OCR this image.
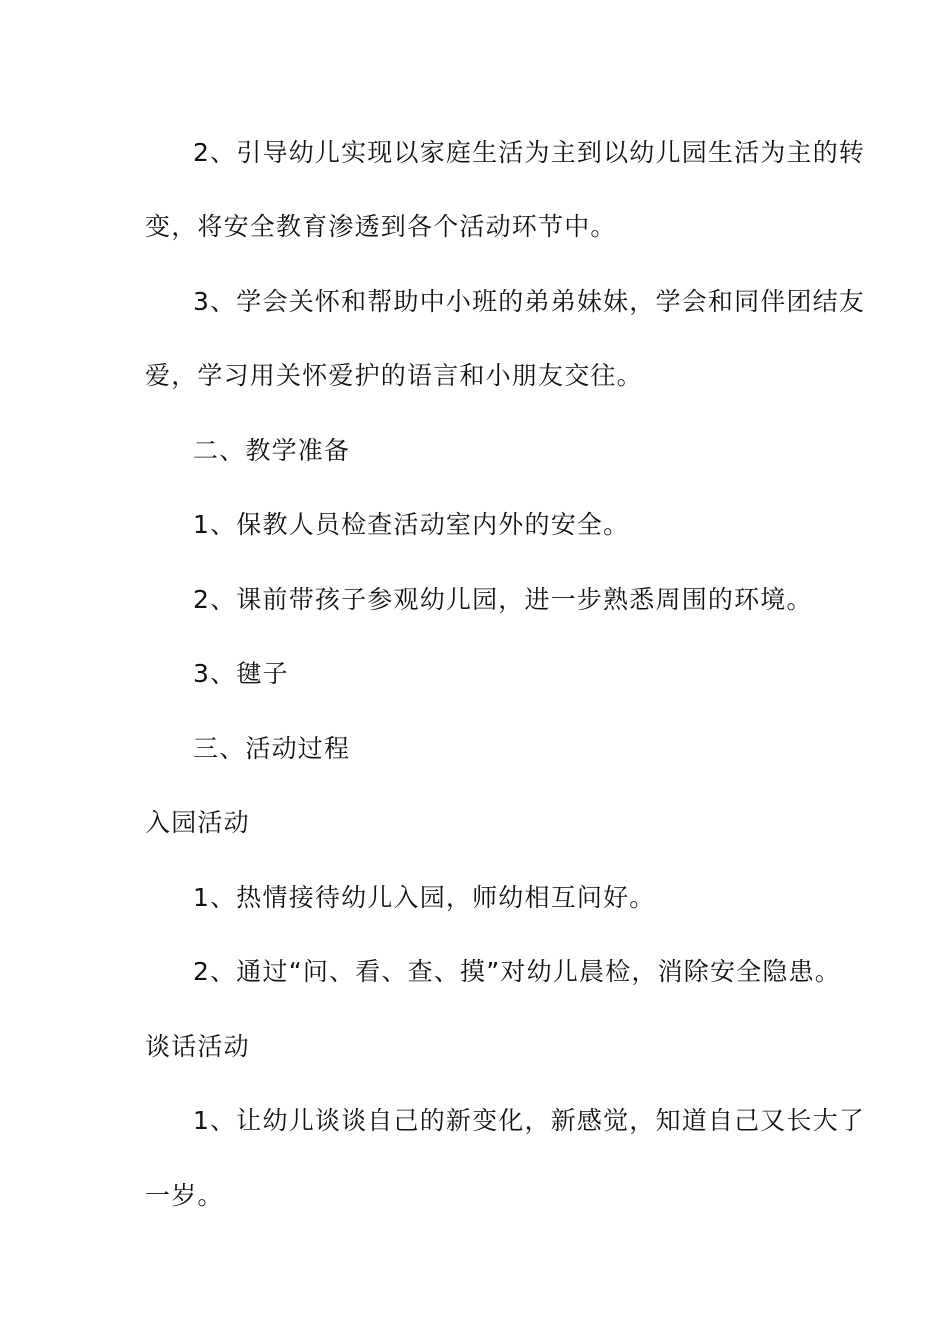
2、引导幼儿实现以家庭生活为主到以幼儿园生活为主的转
变，将安全教育渗透到各个活动环节中。
3、学会关怀和帮助中小班的弟弟妹妹，学会和同伴团结友
爱，学习用关怀爱护的语言和小朋友交往。
二、教学准备
1、保教人员检查活动室内外的安全。
2、课前带孩子参观幼儿园，进一步熟悉周围的环境。
3、毽子
三、活动过程
入园活动
1、热情接待幼儿入园，师幼相互问好。
2、通过“问、看、查、摸”对幼儿晨检，消除安全隐患。
谈话活动
1、让幼儿谈谈自己的新变化，新感觉，知道自己又长大了
一岁。
